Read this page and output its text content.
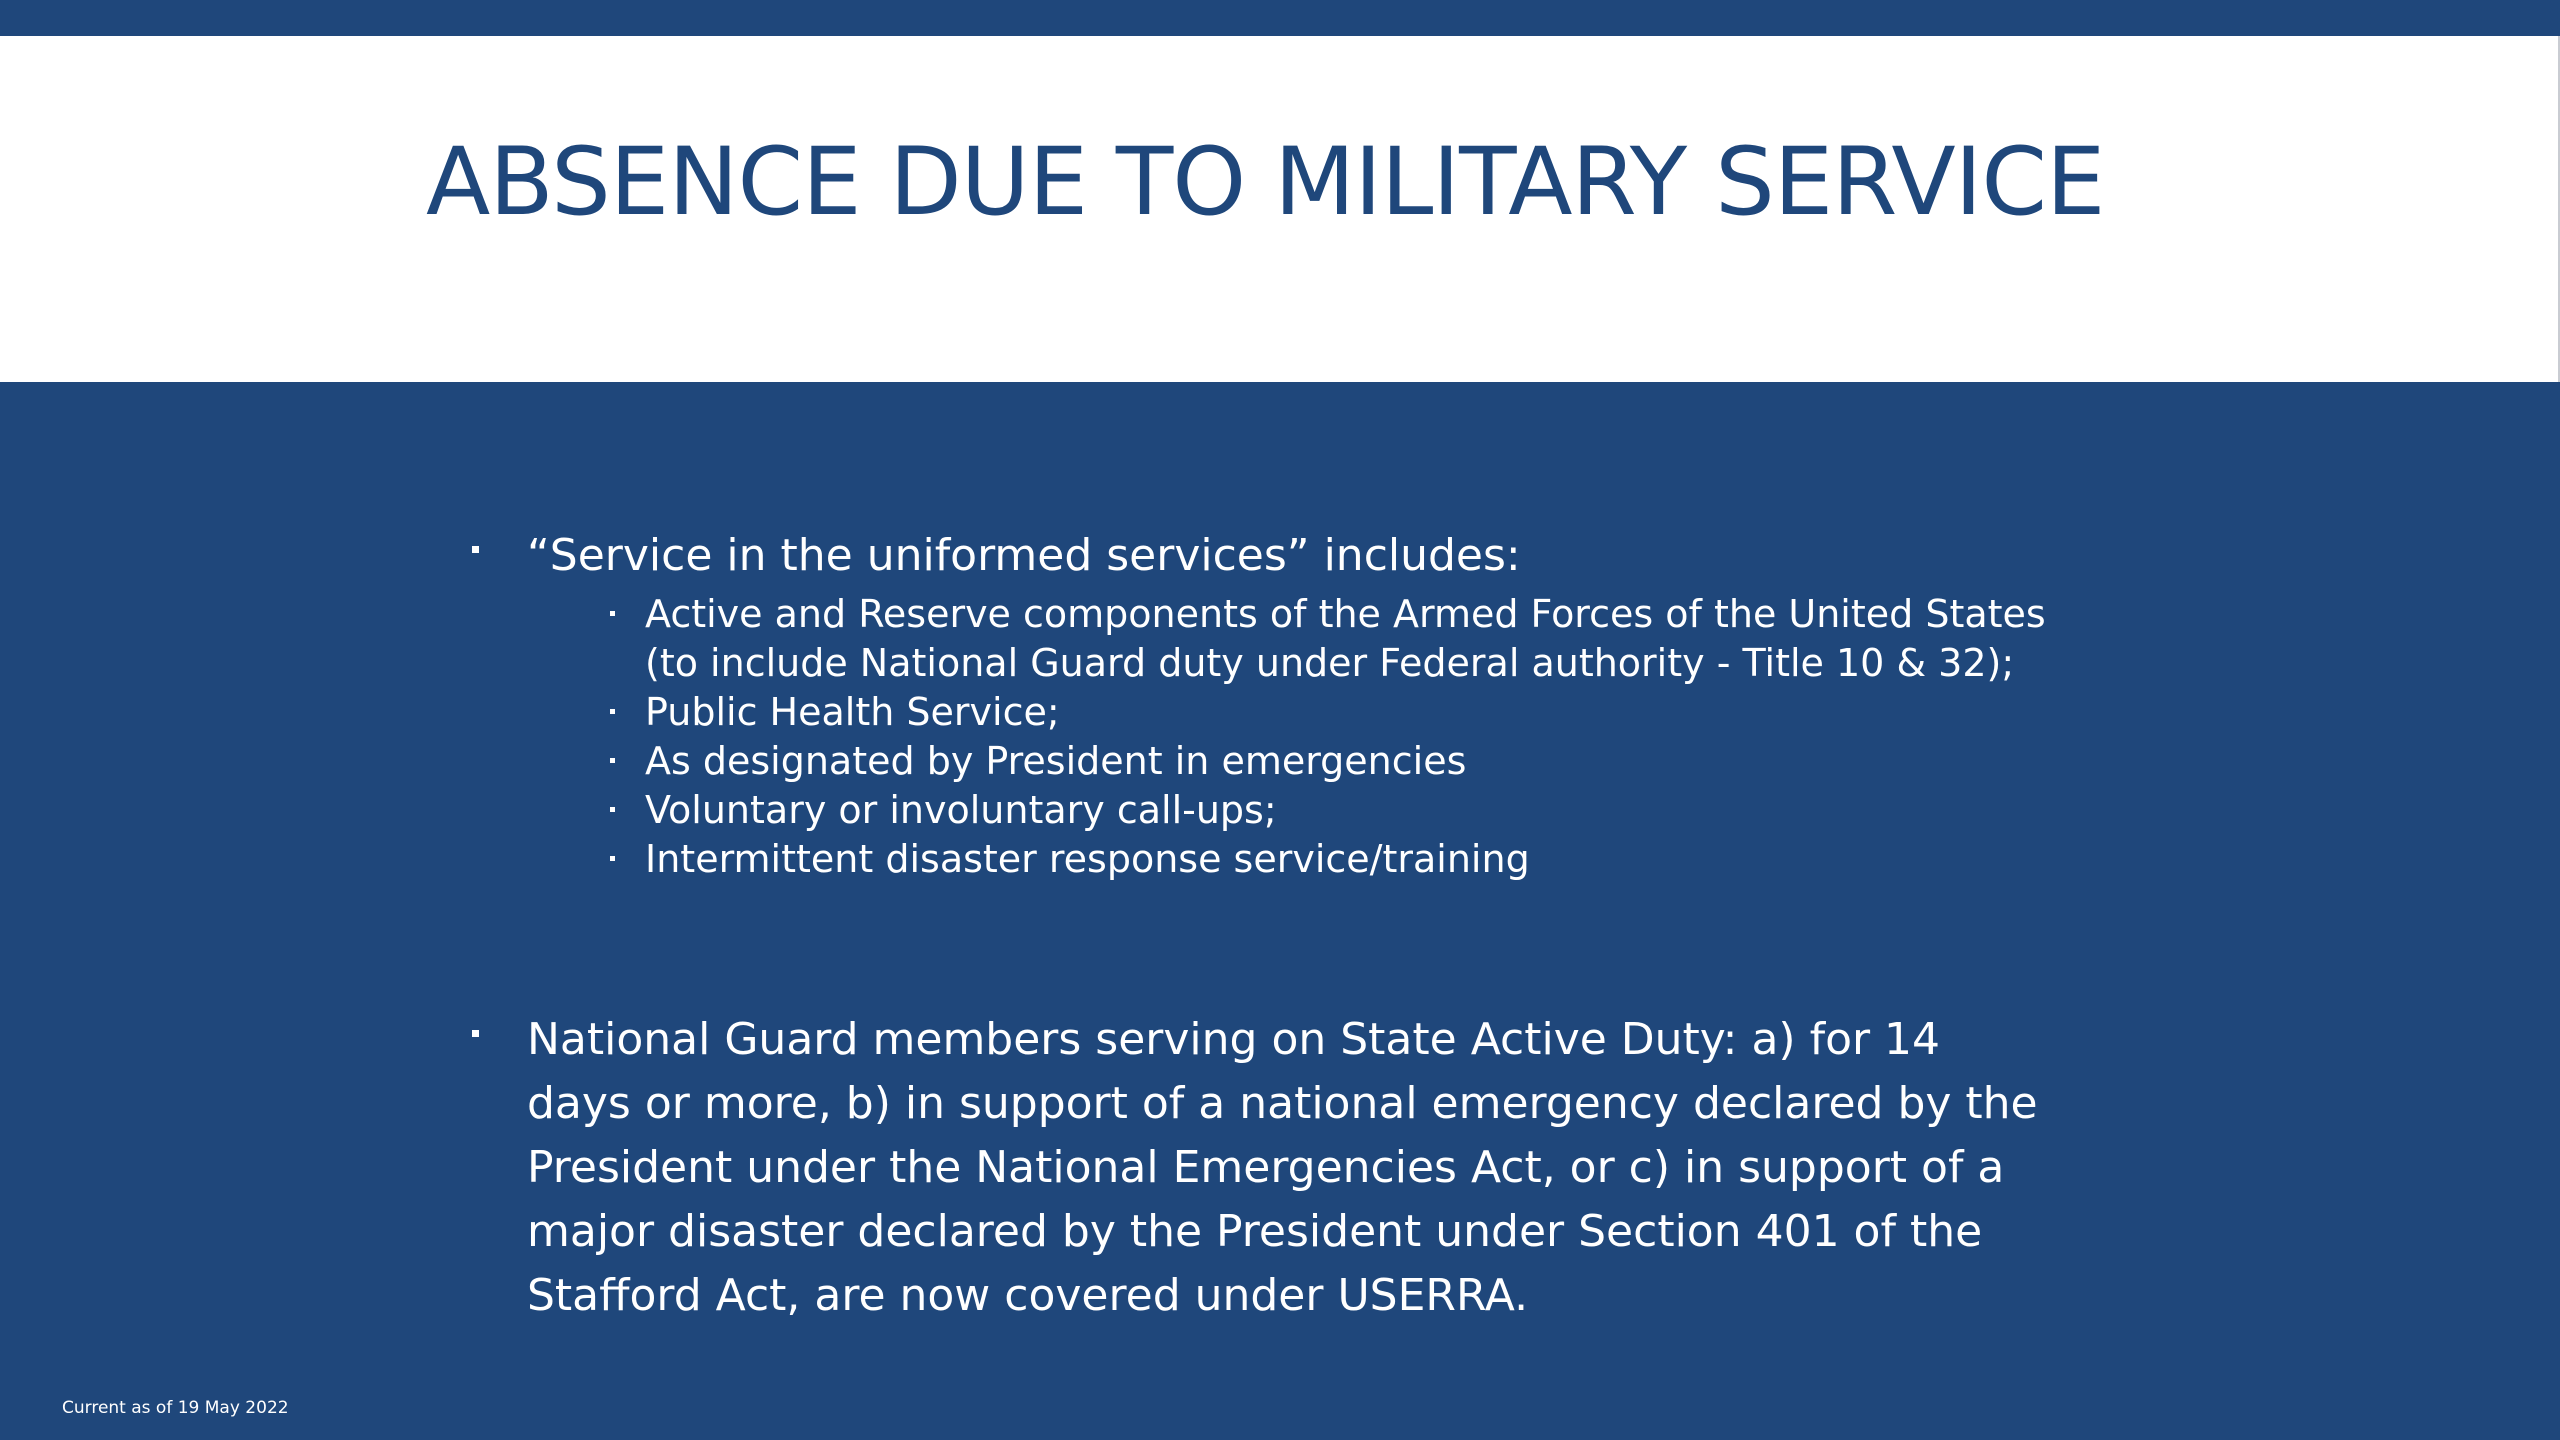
ABSENCE DUE TO MILITARY SERVICE
“Service in the uniformed services” includes:
Active and Reserve components of the Armed Forces of the United States (to include National Guard duty under Federal authority - Title 10 & 32);
Public Health Service;
As designated by President in emergencies
Voluntary or involuntary call-ups;
Intermittent disaster response service/training
National Guard members serving on State Active Duty: a) for 14 days or more, b) in support of a national emergency declared by the President under the National Emergencies Act, or c) in support of a major disaster declared by the President under Section 401 of the Stafford Act, are now covered under USERRA.
Current as of 19 May 2022
